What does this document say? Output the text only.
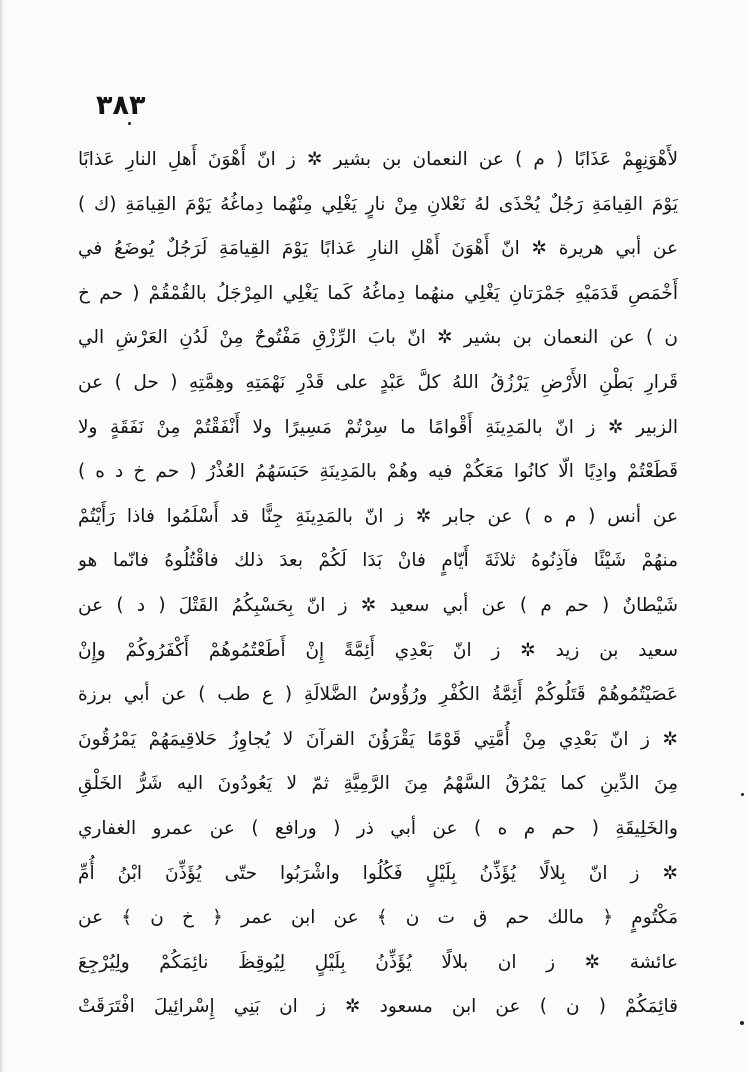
٣٨٣
لأَهْوَنِهِمْ عَذَابًا ( م ) عن النعمان بن بشير ✲ ز انّ أَهْوَنَ أَهلِ النارِ عَذابًا
يَوْمَ القِيامَةِ رَجُلٌ يُحْذَى لهُ نَعْلانِ مِنْ نارٍ يَغْلِي مِنْهُما دِماغُهُ يَوْمَ القِيامَةِ (ك )
عن أبي هريرة ✲ انّ أَهْوَنَ أَهْلِ النارِ عَذابًا يَوْمَ القِيامَةِ لَرَجُلٌ يُوضَعُ في
أَخْمَصِ قَدَمَيْهِ جَمْرَتانِ يَغْلِي منهُما دِماغُهُ كَما يَغْلِي المِرْجَلُ بالقُمْقُمْ ( حم خ
ن ) عن النعمان بن بشير ✲ انّ بابَ الرِّزْقِ مَفْتُوحٌ مِنْ لَدُنِ العَرْشِ الي
قَرارِ بَطْنِ الأَرْضِ يَرْزُقُ اللهُ كلَّ عَبْدٍ على قَدْرِ نَهْمَتِهِ وهِمَّتِهِ ( حل ) عن
الزبير ✲ ز انّ بالمَدِينَةِ أَقْوامًا ما سِرْتُمْ مَسِيرًا ولا أَنْفَقْتُمْ مِنْ نَفَقَةٍ ولا
قَطَعْتُمْ وادِيًا الّا كانُوا مَعَكُمْ فيه وهُمْ بالمَدِينَةِ حَبَسَهُمُ العُذْرُ ( حم خ د ه )
عن أنس ( م ه ) عن جابر ✲ ز انّ بالمَدِينَةِ جِنًّا قد أَسْلَمُوا فاذا رَأَيْتُمْ
منهُمْ شَيْئًا فآذِنُوهُ ثلاثَةَ أَيّامٍ فانْ بَدَا لَكُمْ بعدَ ذلك فاقْتُلُوهُ فانّما هو
شَيْطانٌ ( حم م ) عن أبي سعيد ✲ ز انّ بِحَسْبِكُمُ القَتْلَ ( د ) عن
سعيد بن زيد ✲ ز انّ بَعْدِي أَئِمَّةً إِنْ أَطَعْتُمُوهُمْ أَكْفَرُوكُمْ وإِنْ
عَصَيْتُمُوهُمْ قَتَلُوكُمْ أَئِمَّةُ الكُفْرِ ورُؤُوسُ الضَّلالَةِ ( ع طب ) عن أبي برزة
✲ ز انّ بَعْدِي مِنْ أُمَّتِي قَوْمًا يَقْرَؤُنَ القرآنَ لا يُجاوِزُ حَلاقِيمَهُمْ يَمْرُقُونَ
مِنَ الدِّينِ كما يَمْرُقُ السَّهْمُ مِنَ الرَّمِيَّةِ ثمّ لا يَعُودُونَ اليه شَرُّ الخَلْقِ
والخَلِيقَةِ ( حم م ه ) عن أبي ذر ( ورافع ) عن عمرو الغفاري
✲ ز انّ بِلالًا يُؤَذِّنُ بِلَيْلٍ فَكُلُوا واشْرَبُوا حتّى يُؤَذِّنَ ابْنُ أُمِّ
مَكْتُومٍ ﴿ مالك حم ق ت ن ﴾ عن ابن عمر ﴿ خ ن ﴾ عن
عائشة ✲ ز ان بلالًا يُؤَذِّنُ بِلَيْلٍ لِيُوقِظَ نائِمَكُمْ ولِيُرْجِعَ
قائِمَكُمْ ( ن ) عن ابن مسعود ✲ ز ان بَنِي إِسْرائِيلَ افْتَرَقَتْ
